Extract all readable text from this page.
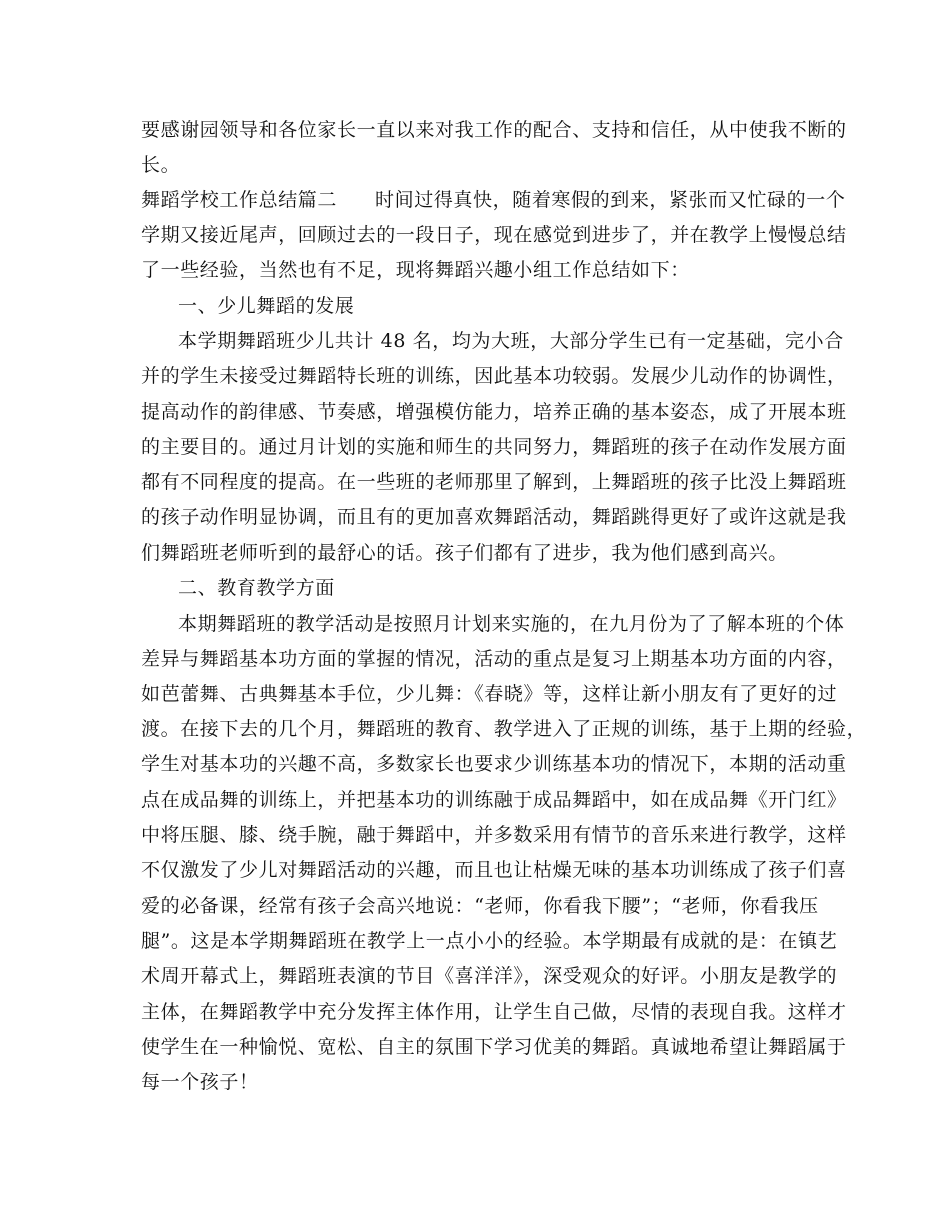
要感谢园领导和各位家长一直以来对我工作的配合、支持和信任，从中使我不断的
长。
舞蹈学校工作总结篇二 时间过得真快，随着寒假的到来，紧张而又忙碌的一个
学期又接近尾声，回顾过去的一段日子，现在感觉到进步了，并在教学上慢慢总结
了一些经验，当然也有不足，现将舞蹈兴趣小组工作总结如下：
一、少儿舞蹈的发展
本学期舞蹈班少儿共计 48 名，均为大班，大部分学生已有一定基础，完小合
并的学生未接受过舞蹈特长班的训练，因此基本功较弱。发展少儿动作的协调性，
提高动作的韵律感、节奏感，增强模仿能力，培养正确的基本姿态，成了开展本班
的主要目的。通过月计划的实施和师生的共同努力，舞蹈班的孩子在动作发展方面
都有不同程度的提高。在一些班的老师那里了解到，上舞蹈班的孩子比没上舞蹈班
的孩子动作明显协调，而且有的更加喜欢舞蹈活动，舞蹈跳得更好了或许这就是我
们舞蹈班老师听到的最舒心的话。孩子们都有了进步，我为他们感到高兴。
二、教育教学方面
本期舞蹈班的教学活动是按照月计划来实施的，在九月份为了了解本班的个体
差异与舞蹈基本功方面的掌握的情况，活动的重点是复习上期基本功方面的内容，
如芭蕾舞、古典舞基本手位，少儿舞：《春晓》等，这样让新小朋友有了更好的过
渡。在接下去的几个月，舞蹈班的教育、教学进入了正规的训练，基于上期的经验，
学生对基本功的兴趣不高，多数家长也要求少训练基本功的情况下，本期的活动重
点在成品舞的训练上，并把基本功的训练融于成品舞蹈中，如在成品舞《开门红》
中将压腿、膝、绕手腕，融于舞蹈中，并多数采用有情节的音乐来进行教学，这样
不仅激发了少儿对舞蹈活动的兴趣，而且也让枯燥无味的基本功训练成了孩子们喜
爱的必备课，经常有孩子会高兴地说：“老师，你看我下腰”；“老师，你看我压
腿”。这是本学期舞蹈班在教学上一点小小的经验。本学期最有成就的是：在镇艺
术周开幕式上，舞蹈班表演的节目《喜洋洋》，深受观众的好评。小朋友是教学的
主体，在舞蹈教学中充分发挥主体作用，让学生自己做，尽情的表现自我。这样才
使学生在一种愉悦、宽松、自主的氛围下学习优美的舞蹈。真诚地希望让舞蹈属于
每一个孩子！
